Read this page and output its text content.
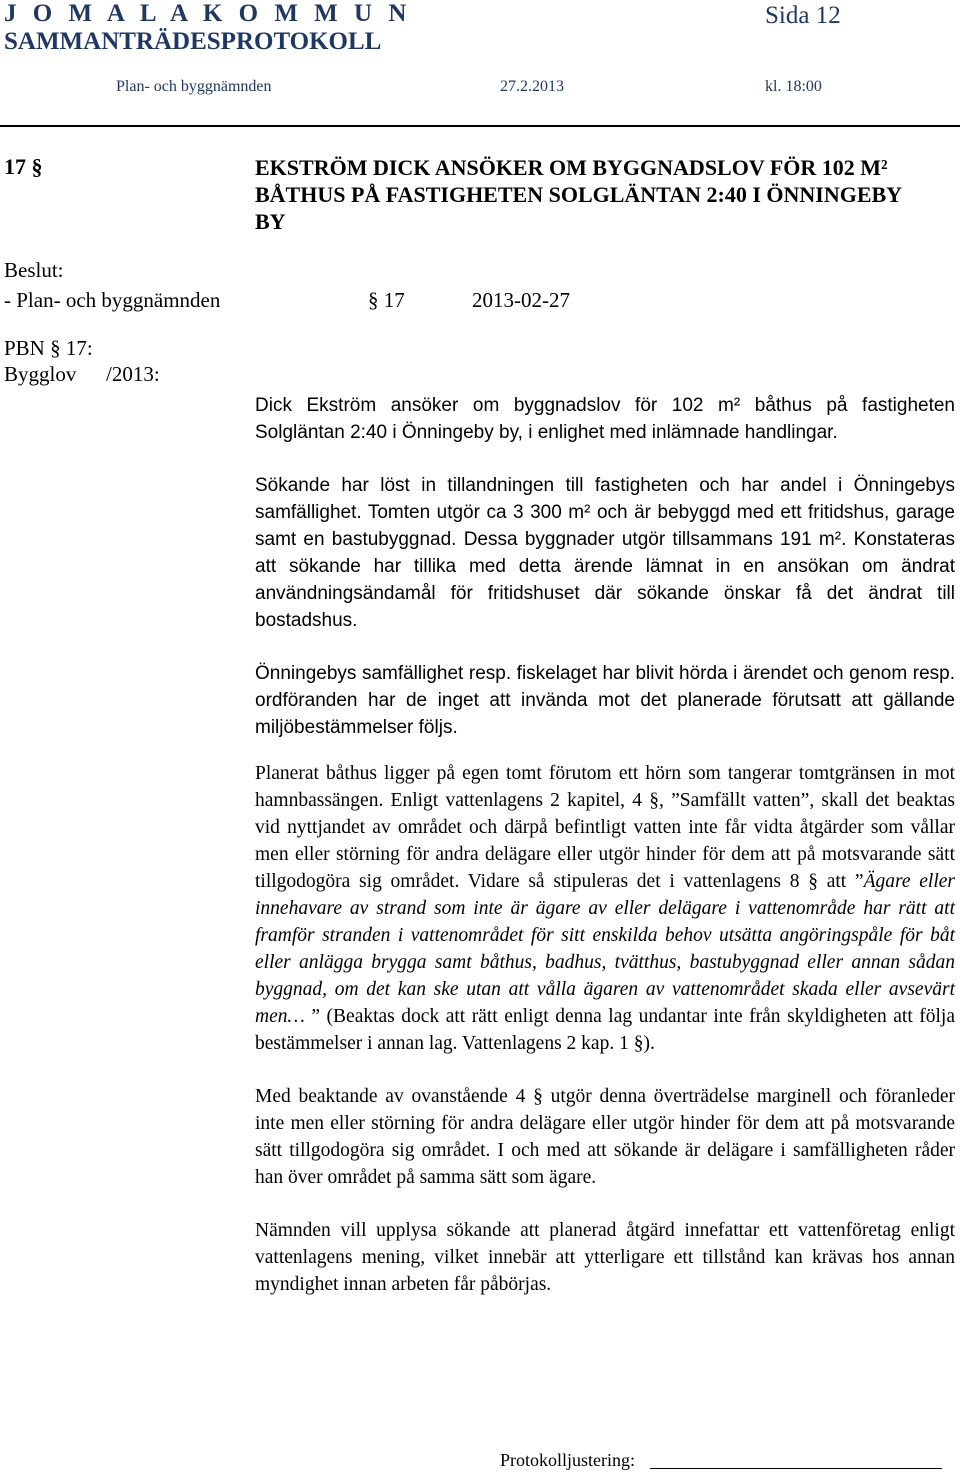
J O M A L A K O M M U N
SAMMANTRÄDESPROTOKOLL
Sida 12
Plan- och byggnämnden	27.2.2013	kl. 18:00
17 §	EKSTRÖM DICK ANSÖKER OM BYGGNADSLOV FÖR 102 M²
BÅTHUS PÅ FASTIGHETEN SOLGLÄNTAN 2:40 I ÖNNINGEBY
BY
Beslut:
- Plan- och byggnämnden	§ 17	2013-02-27
PBN § 17:
Bygglov /2013:

Dick Ekström ansöker om byggnadslov för 102 m² båthus på fastigheten Solgläntan 2:40 i Önningeby by, i enlighet med inlämnade handlingar.

Sökande har löst in tillandningen till fastigheten och har andel i Önningebys samfällighet. Tomten utgör ca 3 300 m² och är bebyggd med ett fritidshus, garage samt en bastubyggnad. Dessa byggnader utgör tillsammans 191 m². Konstateras att sökande har tillika med detta ärende lämnat in en ansökan om ändrat användningsändamål för fritidshuset där sökande önskar få det ändrat till bostadshus.

Önningebys samfällighet resp. fiskelaget har blivit hörda i ärendet och genom resp. ordföranden har de inget att invända mot det planerade förutsatt att gällande miljöbestämmelser följs.

Planerat båthus ligger på egen tomt förutom ett hörn som tangerar tomtgränsen in mot hamnbassängen. Enligt vattenlagens 2 kapitel, 4 §, ”Samfällt vatten”, skall det beaktas vid nyttjandet av området och därpå befintligt vatten inte får vidta åtgärder som vållar men eller störning för andra delägare eller utgör hinder för dem att på motsvarande sätt tillgodogöra sig området. Vidare så stipuleras det i vattenlagens 8 § att ”Ägare eller innehavare av strand som inte är ägare av eller delägare i vattenområde har rätt att framför stranden i vattenområdet för sitt enskilda behov utsätta angöringspåle för båt eller anlägga brygga samt båthus, badhus, tvätthus, bastubyggnad eller annan sådan byggnad, om det kan ske utan att vålla ägaren av vattenområdet skada eller avsevärt men… ” (Beaktas dock att rätt enligt denna lag undantar inte från skyldigheten att följa bestämmelser i annan lag. Vattenlagens 2 kap. 1 §).

Med beaktande av ovanstående 4 § utgör denna överträdelse marginell och föranleder inte men eller störning för andra delägare eller utgör hinder för dem att på motsvarande sätt tillgodogöra sig området. I och med att sökande är delägare i samfälligheten råder han över området på samma sätt som ägare.

Nämnden vill upplysa sökande att planerad åtgärd innefattar ett vattenföretag enligt vattenlagens mening, vilket innebär att ytterligare ett tillstånd kan krävas hos annan myndighet innan arbeten får påbörjas.

Protokolljustering:
